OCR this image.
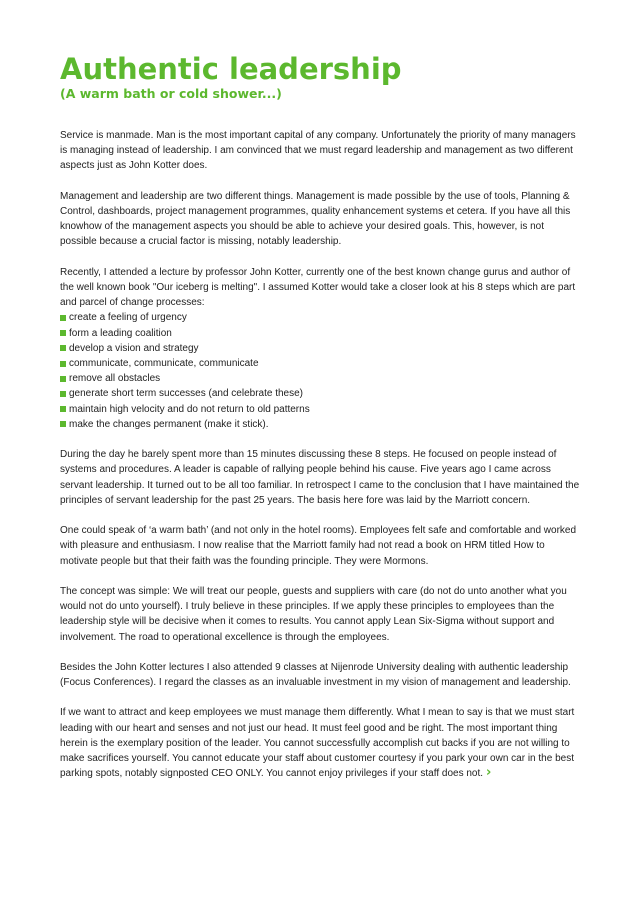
Authentic leadership
(A warm bath or cold shower...)

Service is manmade. Man is the most important capital of any company. Unfortunately the priority of many managers is managing instead of leadership. I am convinced that we must regard leadership and management as two different aspects just as John Kotter does.

Management and leadership are two different things. Management is made possible by the use of tools, Planning & Control, dashboards, project management programmes, quality enhancement systems et cetera. If you have all this knowhow of the management aspects you should be able to achieve your desired goals. This, however, is not possible because a crucial factor is missing, notably leadership.

Recently, I attended a lecture by professor John Kotter, currently one of the best known change gurus and author of the well known book "Our iceberg is melting". I assumed Kotter would take a closer look at his 8 steps which are part and parcel of change processes:

create a feeling of urgency
form a leading coalition
develop a vision and strategy
communicate, communicate, communicate
remove all obstacles
generate short term successes (and celebrate these)
maintain high velocity and do not return to old patterns
make the changes permanent (make it stick).

During the day he barely spent more than 15 minutes discussing these 8 steps. He focused on people instead of systems and procedures. A leader is capable of rallying people behind his cause. Five years ago I came across servant leadership. It turned out to be all too familiar. In retrospect I came to the conclusion that I have maintained the principles of servant leadership for the past 25 years. The basis here fore was laid by the Marriott concern.

One could speak of ‘a warm bath’ (and not only in the hotel rooms). Employees felt safe and comfortable and worked with pleasure and enthusiasm. I now realise that the Marriott family had not read a book on HRM titled How to motivate people but that their faith was the founding principle. They were Mormons.

The concept was simple: We will treat our people, guests and suppliers with care (do not do unto another what you would not do unto yourself). I truly believe in these principles. If we apply these principles to employees than the leadership style will be decisive when it comes to results. You cannot apply Lean Six-Sigma without support and involvement. The road to operational excellence is through the employees.

Besides the John Kotter lectures I also attended 9 classes at Nijenrode University dealing with authentic leadership (Focus Conferences). I regard the classes as an invaluable investment in my vision of management and leadership.

If we want to attract and keep employees we must manage them differently. What I mean to say is that we must start leading with our heart and senses and not just our head. It must feel good and be right. The most important thing herein is the exemplary position of the leader. You cannot successfully accomplish cut backs if you are not willing to make sacrifices yourself. You cannot educate your staff about customer courtesy if you park your own car in the best parking spots, notably signposted CEO ONLY. You cannot enjoy privileges if your staff does not. ›
